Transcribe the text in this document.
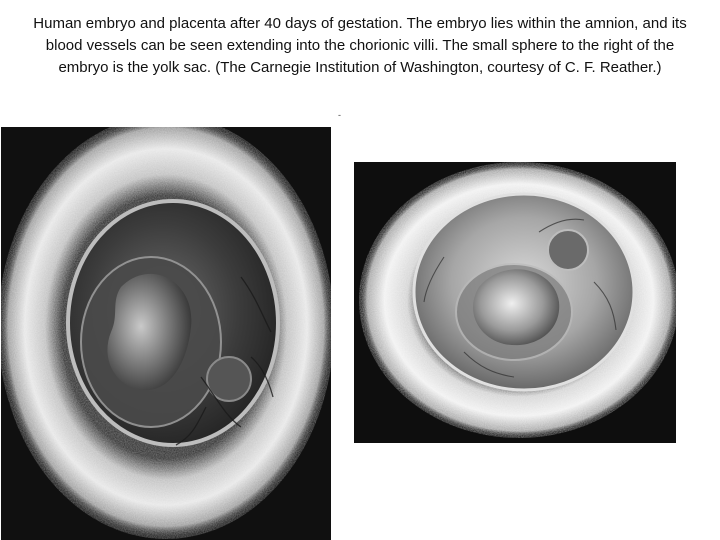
Human embryo and placenta after 40 days of gestation. The embryo lies within the amnion, and its blood vessels can be seen extending into the chorionic villi. The small sphere to the right of the embryo is the yolk sac. (The Carnegie Institution of Washington, courtesy of C. F. Reather.)
-
